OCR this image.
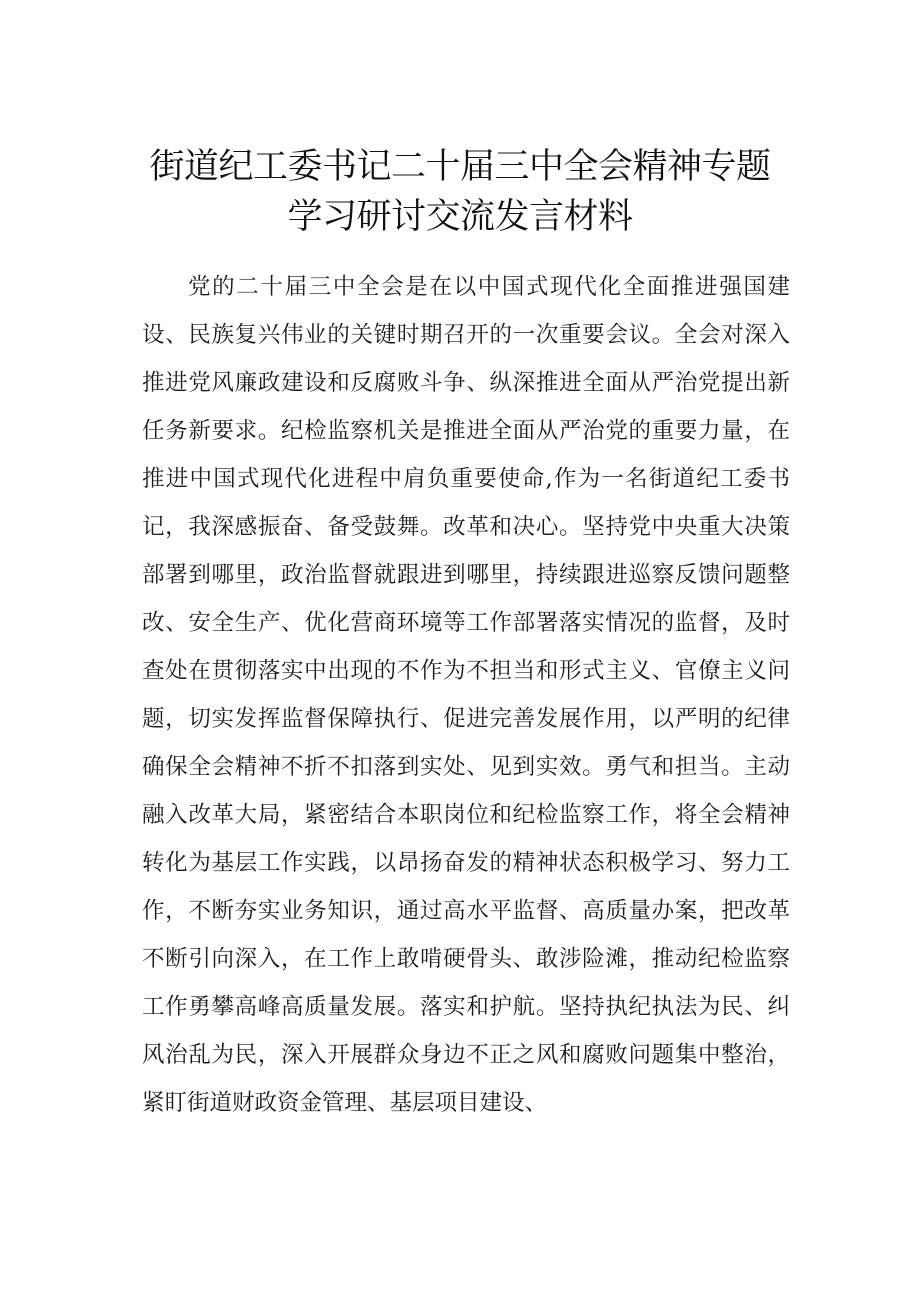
街道纪工委书记二十届三中全会精神专题
学习研讨交流发言材料
党的二十届三中全会是在以中国式现代化全面推进强国建
设、民族复兴伟业的关键时期召开的一次重要会议。全会对深入
推进党风廉政建设和反腐败斗争、纵深推进全面从严治党提出新
任务新要求。纪检监察机关是推进全面从严治党的重要力量，在
推进中国式现代化进程中肩负重要使命,作为一名街道纪工委书
记，我深感振奋、备受鼓舞。改革和决心。坚持党中央重大决策
部署到哪里，政治监督就跟进到哪里，持续跟进巡察反馈问题整
改、安全生产、优化营商环境等工作部署落实情况的监督，及时
查处在贯彻落实中出现的不作为不担当和形式主义、官僚主义问
题，切实发挥监督保障执行、促进完善发展作用，以严明的纪律
确保全会精神不折不扣落到实处、见到实效。勇气和担当。主动
融入改革大局，紧密结合本职岗位和纪检监察工作，将全会精神
转化为基层工作实践，以昂扬奋发的精神状态积极学习、努力工
作，不断夯实业务知识，通过高水平监督、高质量办案，把改革
不断引向深入，在工作上敢啃硬骨头、敢涉险滩，推动纪检监察
工作勇攀高峰高质量发展。落实和护航。坚持执纪执法为民、纠
风治乱为民，深入开展群众身边不正之风和腐败问题集中整治，
紧盯街道财政资金管理、基层项目建设、
